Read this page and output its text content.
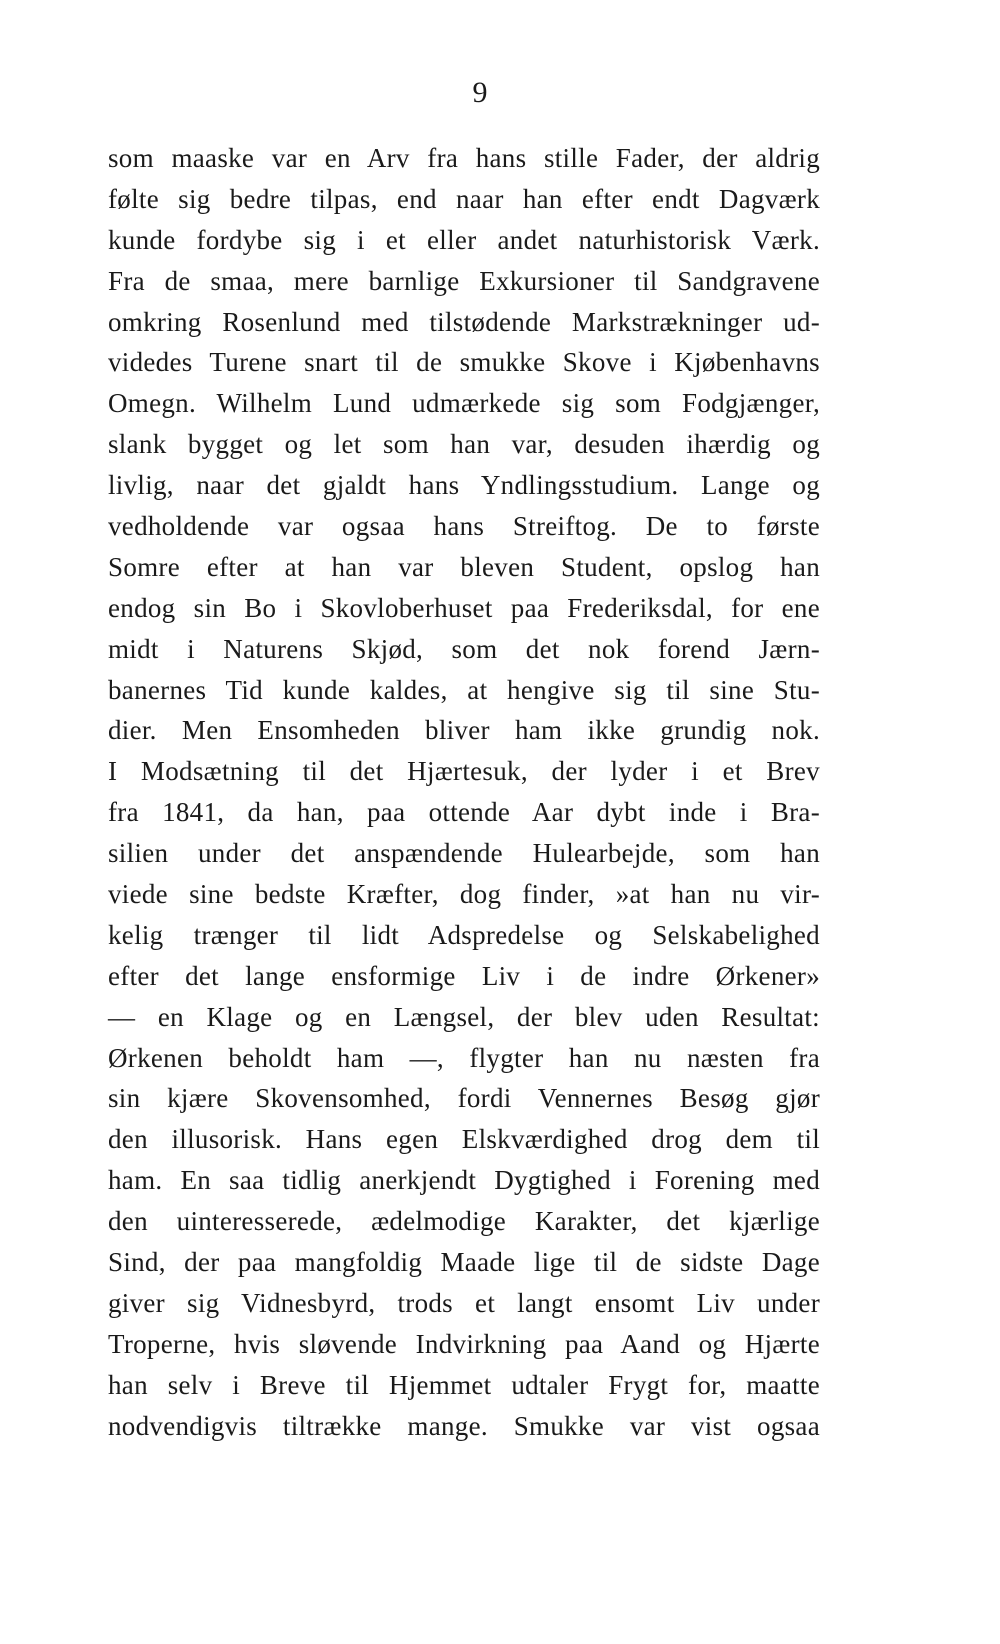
9
som maaske var en Arv fra hans stille Fader, der aldrig
følte sig bedre tilpas, end naar han efter endt Dagværk
kunde fordybe sig i et eller andet naturhistorisk Værk.
Fra de smaa, mere barnlige Exkursioner til Sandgravene
omkring Rosenlund med tilstødende Markstrækninger ud-
videdes Turene snart til de smukke Skove i Kjøbenhavns
Omegn. Wilhelm Lund udmærkede sig som Fodgjænger,
slank bygget og let som han var, desuden ihærdig og
livlig, naar det gjaldt hans Yndlingsstudium. Lange og
vedholdende var ogsaa hans Streiftog. De to første
Somre efter at han var bleven Student, opslog han
endog sin Bo i Skovloberhuset paa Frederiksdal, for ene
midt i Naturens Skjød, som det nok forend Jærn-
banernes Tid kunde kaldes, at hengive sig til sine Stu-
dier. Men Ensomheden bliver ham ikke grundig nok.
I Modsætning til det Hjærtesuk, der lyder i et Brev
fra 1841, da han, paa ottende Aar dybt inde i Bra-
silien under det anspændende Hulearbejde, som han
viede sine bedste Kræfter, dog finder, »at han nu vir-
kelig trænger til lidt Adspredelse og Selskabelighed
efter det lange ensformige Liv i de indre Ørkener»
— en Klage og en Længsel, der blev uden Resultat:
Ørkenen beholdt ham —, flygter han nu næsten fra
sin kjære Skovensomhed, fordi Vennernes Besøg gjør
den illusorisk. Hans egen Elskværdighed drog dem til
ham. En saa tidlig anerkjendt Dygtighed i Forening med
den uinteresserede, ædelmodige Karakter, det kjærlige
Sind, der paa mangfoldig Maade lige til de sidste Dage
giver sig Vidnesbyrd, trods et langt ensomt Liv under
Troperne, hvis sløvende Indvirkning paa Aand og Hjærte
han selv i Breve til Hjemmet udtaler Frygt for, maatte
nodvendigvis tiltrække mange. Smukke var vist ogsaa
